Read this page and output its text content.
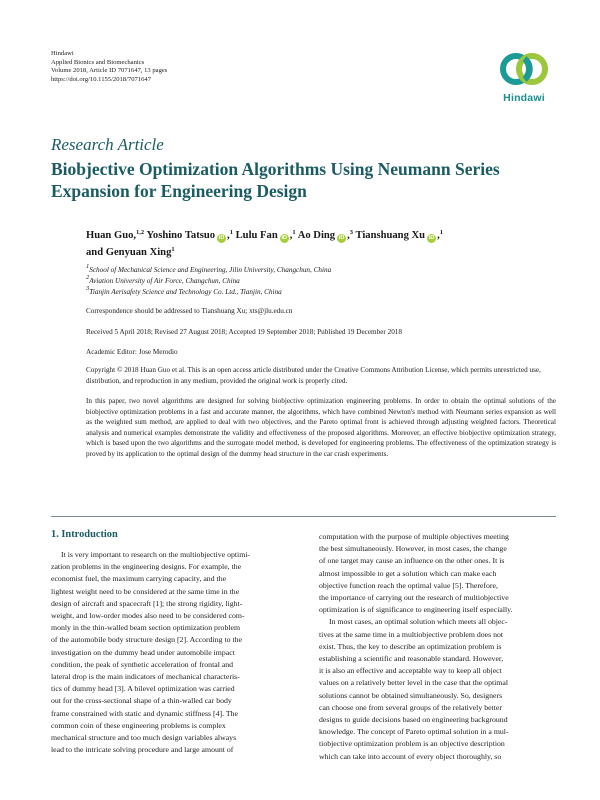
Hindawi
Applied Bionics and Biomechanics
Volume 2018, Article ID 7071647, 13 pages
https://doi.org/10.1155/2018/7071647
Hindawi
Research Article
Biobjective Optimization Algorithms Using Neumann Series
Expansion for Engineering Design
Huan Guo,$^{1,2}$ Yoshino Tatsuo iD ,$^1$ Lulu Fan iD ,$^1$ Ao Ding iD ,$^3$ Tianshuang Xu iD ,$^1$
and Genyuan Xing$^1$
$^1$School of Mechanical Science and Engineering, Jilin University, Changchun, China
$^2$Aviation University of Air Force, Changchun, China
$^3$Tianjin Aerisafety Science and Technology Co. Ltd., Tianjin, China
Correspondence should be addressed to Tianshuang Xu; xts@jlu.edu.cn
Received 5 April 2018; Revised 27 August 2018; Accepted 19 September 2018; Published 19 December 2018
Academic Editor: Jose Merodio
Copyright © 2018 Huan Guo et al. This is an open access article distributed under the Creative Commons Attribution License, which permits unrestricted use, distribution, and reproduction in any medium, provided the original work is properly cited.
In this paper, two novel algorithms are designed for solving biobjective optimization engineering problems. In order to obtain the optimal solutions of the biobjective optimization problems in a fast and accurate manner, the algorithms, which have combined Newton's method with Neumann series expansion as well as the weighted sum method, are applied to deal with two objectives, and the Pareto optimal front is achieved through adjusting weighted factors. Theoretical analysis and numerical examples demonstrate the validity and effectiveness of the proposed algorithms. Moreover, an effective biobjective optimization strategy, which is based upon the two algorithms and the surrogate model method, is developed for engineering problems. The effectiveness of the optimization strategy is proved by its application to the optimal design of the dummy head structure in the car crash experiments.
1. Introduction
It is very important to research on the multiobjective optimi-
zation problems in the engineering designs. For example, the
economist fuel, the maximum carrying capacity, and the
lightest weight need to be considered at the same time in the
design of aircraft and spacecraft [1]; the strong rigidity, light-
weight, and low-order modes also need to be considered com-
monly in the thin-walled beam section optimization problem
of the automobile body structure design [2]. According to the
investigation on the dummy head under automobile impact
condition, the peak of synthetic acceleration of frontal and
lateral drop is the main indicators of mechanical characteris-
tics of dummy head [3]. A bilevel optimization was carried
out for the cross-sectional shape of a thin-walled car body
frame constrained with static and dynamic stiffness [4]. The
common coin of these engineering problems is complex
mechanical structure and too much design variables always
lead to the intricate solving procedure and large amount of
computation with the purpose of multiple objectives meeting
the best simultaneously. However, in most cases, the change
of one target may cause an influence on the other ones. It is
almost impossible to get a solution which can make each
objective function reach the optimal value [5]. Therefore,
the importance of carrying out the research of multiobjective
optimization is of significance to engineering itself especially.
In most cases, an optimal solution which meets all objec-
tives at the same time in a multiobjective problem does not
exist. Thus, the key to describe an optimization problem is
establishing a scientific and reasonable standard. However,
it is also an effective and acceptable way to keep all object
values on a relatively better level in the case that the optimal
solutions cannot be obtained simultaneously. So, designers
can choose one from several groups of the relatively better
designs to guide decisions based on engineering background
knowledge. The concept of Pareto optimal solution in a mul-
tiobjective optimization problem is an objective description
which can take into account of every object thoroughly, so
